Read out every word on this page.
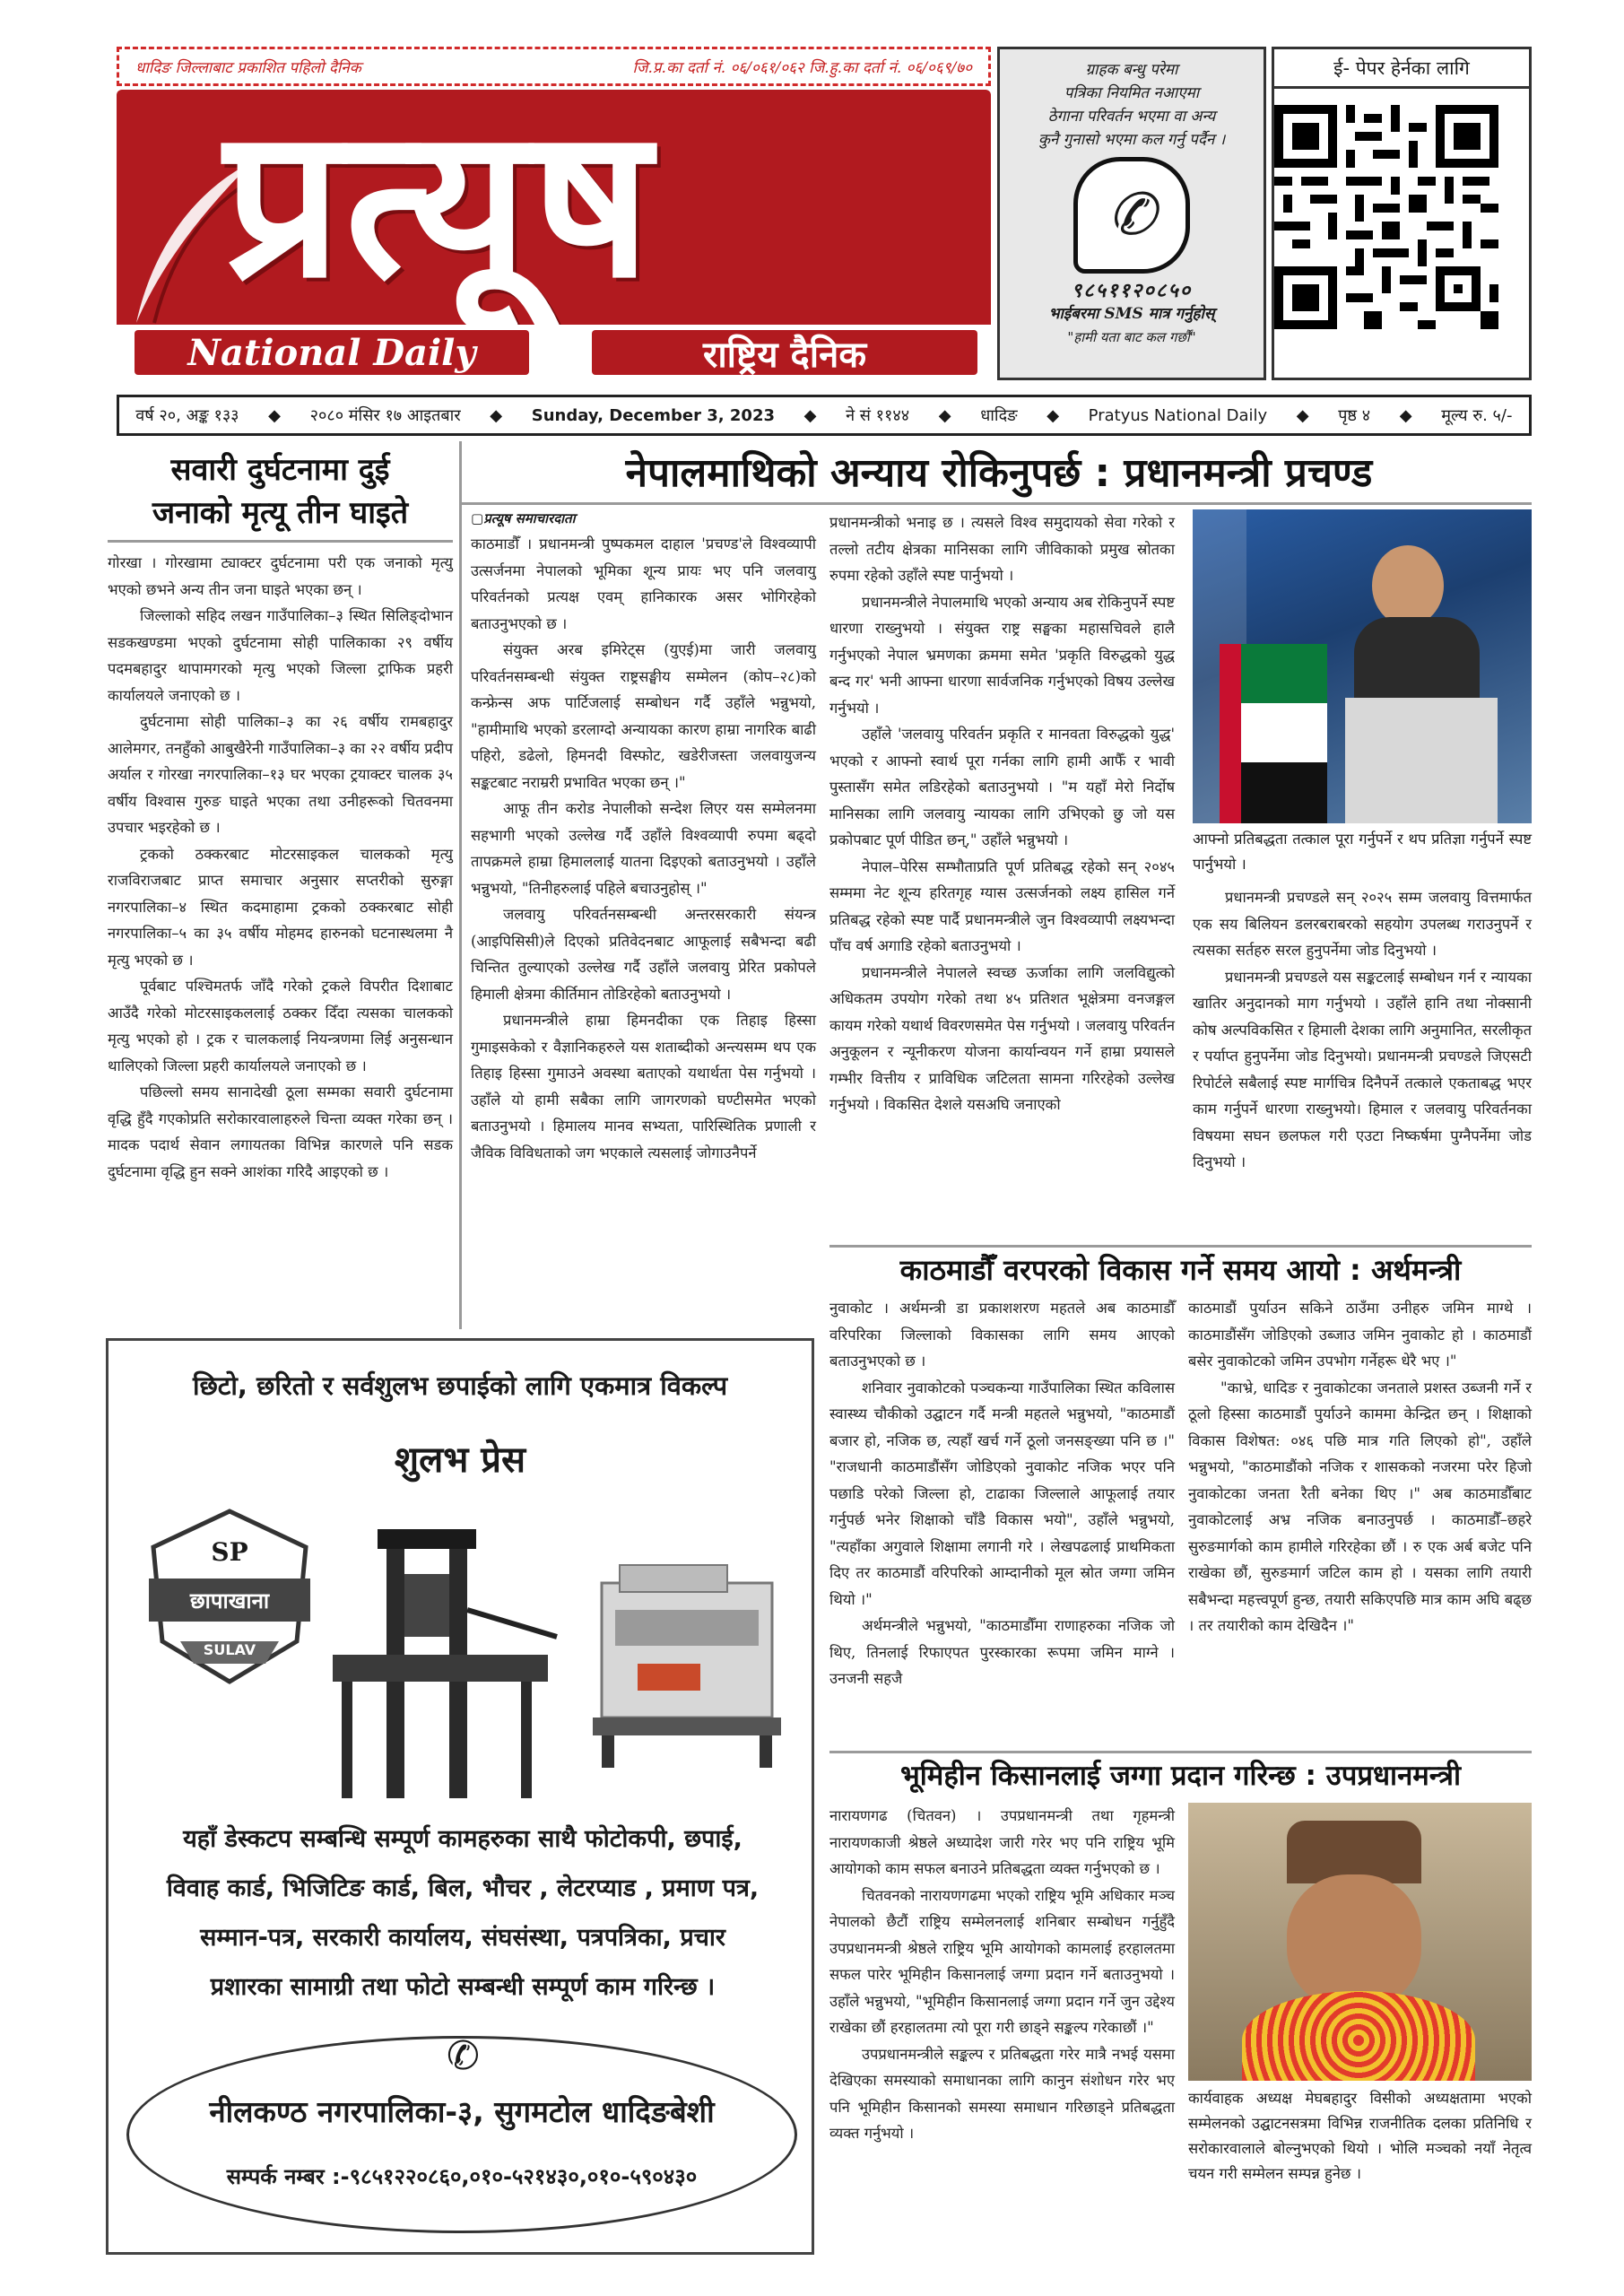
धादिङ जिल्लाबाट प्रकाशित पहिलो दैनिक	जि.प्र.का दर्ता नं. ०६/०६१/०६२ जि.हु.का दर्ता नं. ०६/०६९/७०
प्रत्यूष
National Daily	राष्ट्रिय दैनिक
ग्राहक बन्धु परेमा
पत्रिका नियमित नआएमा
ठेगाना परिवर्तन भएमा वा अन्य
कुनै गुनासो भएमा कल गर्नु पर्दैन ।
✆
९८५११२०८५०
भाईबरमा SMS मात्र गर्नुहोस्
"हामी यता बाट कल गर्छौं"
ई- पेपर हेर्नका लागि
वर्ष २०, अङ्क १३३ ◆ २०८० मंसिर १७ आइतबार ◆ Sunday, December 3, 2023 ◆ ने सं ११४४ ◆ धादिङ ◆ Pratyus National Daily ◆ पृष्ठ ४ ◆ मूल्य रु. ५/-
सवारी दुर्घटनामा दुई
जनाको मृत्यू तीन घाइते

गोरखा । गोरखामा ट्याक्टर दुर्घटनामा परी एक जनाको मृत्यु भएको छभने अन्य तीन जना घाइते भएका छन् ।

जिल्लाको सहिद लखन गाउँपालिका–३ स्थित सिलिङ्दोभान सडकखण्डमा भएको दुर्घटनामा सोही पालिकाका २९ वर्षीय पदमबहादुर थापामगरको मृत्यु भएको जिल्ला ट्राफिक प्रहरी कार्यालयले जनाएको छ ।

दुर्घटनामा सोही पालिका–३ का २६ वर्षीय रामबहादुर आलेमगर, तनहुँको आबुखैरेनी गाउँपालिका–३ का २२ वर्षीय प्रदीप अर्याल र गोरखा नगरपालिका–१३ घर भएका ट्रयाक्टर चालक ३५ वर्षीय विश्वास गुरुङ घाइते भएका तथा उनीहरूको चितवनमा उपचार भइरहेको छ ।

ट्रकको ठक्करबाट मोटरसाइकल चालकको मृत्यु राजविराजबाट प्राप्त समाचार अनुसार सप्तरीको सुरुङ्गा नगरपालिका–४ स्थित कदमाहामा ट्रकको ठक्करबाट सोही नगरपालिका–५ का ३५ वर्षीय मोहमद हारुनको घटनास्थलमा नै मृत्यु भएको छ ।

पूर्वबाट पश्चिमतर्फ जाँदै गरेको ट्रकले विपरीत दिशाबाट आउँदै गरेको मोटरसाइकललाई ठक्कर दिँदा त्यसका चालकको मृत्यु भएको हो । ट्रक र चालकलाई नियन्त्रणमा लिई अनुसन्धान थालिएको जिल्ला प्रहरी कार्यालयले जनाएको छ ।

पछिल्लो समय सानादेखी ठूला सम्मका सवारी दुर्घटनामा वृद्धि हुँदै गएकोप्रति सरोकारवालाहरुले चिन्ता व्यक्त गरेका छन् । मादक पदार्थ सेवान लगायतका विभिन्न कारणले पनि सडक दुर्घटनामा वृद्धि हुन सक्ने आशंका गरिदै आइएको छ ।

नेपालमाथिको अन्याय रोकिनुपर्छ : प्रधानमन्त्री प्रचण्ड
▢ प्रत्यूष समाचारदाता

काठमाडौँ । प्रधानमन्त्री पुष्पकमल दाहाल 'प्रचण्ड'ले विश्वव्यापी उत्सर्जनमा नेपालको भूमिका शून्य प्रायः भए पनि जलवायु परिवर्तनको प्रत्यक्ष एवम् हानिकारक असर भोगिरहेको बताउनुभएको छ ।

संयुक्त अरब इमिरेट्स (युएई)मा जारी जलवायु परिवर्तनसम्बन्धी संयुक्त राष्ट्रसङ्घीय सम्मेलन (कोप–२८)को कन्फ्रेन्स अफ पार्टिजलाई सम्बोधन गर्दै उहाँले भन्नुभयो, "हामीमाथि भएको डरलाग्दो अन्यायका कारण हाम्रा नागरिक बाढी पहिरो, डढेलो, हिमनदी विस्फोट, खडेरीजस्ता जलवायुजन्य सङ्कटबाट नराम्ररी प्रभावित भएका छन् ।"

आफू तीन करोड नेपालीको सन्देश लिएर यस सम्मेलनमा सहभागी भएको उल्लेख गर्दै उहाँले विश्वव्यापी रुपमा बढ्दो तापक्रमले हाम्रा हिमाललाई यातना दिइएको बताउनुभयो । उहाँले भन्नुभयो, "तिनीहरुलाई पहिले बचाउनुहोस् ।"

जलवायु परिवर्तनसम्बन्धी अन्तरसरकारी संयन्त्र (आइपिसिसी)ले दिएको प्रतिवेदनबाट आफूलाई सबैभन्दा बढी चिन्तित तुल्याएको उल्लेख गर्दै उहाँले जलवायु प्रेरित प्रकोपले हिमाली क्षेत्रमा कीर्तिमान तोडिरहेको बताउनुभयो ।

प्रधानमन्त्रीले हाम्रा हिमनदीका एक तिहाइ हिस्सा गुमाइसकेको र वैज्ञानिकहरुले यस शताब्दीको अन्त्यसम्म थप एक तिहाइ हिस्सा गुमाउने अवस्था बताएको यथार्थता पेस गर्नुभयो । उहाँले यो हामी सबैका लागि जागरणको घण्टीसमेत भएको बताउनुभयो । हिमालय मानव सभ्यता, पारिस्थितिक प्रणाली र जैविक विविधताको जग भएकाले त्यसलाई जोगाउनैपर्ने

प्रधानमन्त्रीको भनाइ छ । त्यसले विश्व समुदायको सेवा गरेको र तल्लो तटीय क्षेत्रका मानिसका लागि जीविकाको प्रमुख स्रोतका रुपमा रहेको उहाँले स्पष्ट पार्नुभयो ।

प्रधानमन्त्रीले नेपालमाथि भएको अन्याय अब रोकिनुपर्ने स्पष्ट धारणा राख्नुभयो । संयुक्त राष्ट्र सङ्घका महासचिवले हालै गर्नुभएको नेपाल भ्रमणका क्रममा समेत 'प्रकृति विरुद्धको युद्ध बन्द गर' भनी आफ्ना धारणा सार्वजनिक गर्नुभएको विषय उल्लेख गर्नुभयो ।

उहाँले 'जलवायु परिवर्तन प्रकृति र मानवता विरुद्धको युद्ध' भएको र आफ्नो स्वार्थ पूरा गर्नका लागि हामी आफैँ र भावी पुस्तासँग समेत लडिरहेको बताउनुभयो । "म यहाँ मेरो निर्दोष मानिसका लागि जलवायु न्यायका लागि उभिएको छु जो यस प्रकोपबाट पूर्ण पीडित छन्," उहाँले भन्नुभयो ।

नेपाल–पेरिस सम्भौताप्रति पूर्ण प्रतिबद्ध रहेको सन् २०४५ सम्ममा नेट शून्य हरितगृह ग्यास उत्सर्जनको लक्ष्य हासिल गर्ने प्रतिबद्ध रहेको स्पष्ट पार्दै प्रधानमन्त्रीले जुन विश्वव्यापी लक्ष्यभन्दा पाँच वर्ष अगाडि रहेको बताउनुभयो ।

प्रधानमन्त्रीले नेपालले स्वच्छ ऊर्जाका लागि जलविद्युत्को अधिकतम उपयोग गरेको तथा ४५ प्रतिशत भूक्षेत्रमा वनजङ्गल कायम गरेको यथार्थ विवरणसमेत पेस गर्नुभयो । जलवायु परिवर्तन अनुकूलन र न्यूनीकरण योजना कार्यान्वयन गर्ने हाम्रा प्रयासले गम्भीर वित्तीय र प्राविधिक जटिलता सामना गरिरहेको उल्लेख गर्नुभयो । विकसित देशले यसअघि जनाएको

आफ्नो प्रतिबद्धता तत्काल पूरा गर्नुपर्ने र थप प्रतिज्ञा गर्नुपर्ने स्पष्ट पार्नुभयो ।

प्रधानमन्त्री प्रचण्डले सन् २०२५ सम्म जलवायु वित्तमार्फत एक सय बिलियन डलरबराबरको सहयोग उपलब्ध गराउनुपर्ने र त्यसका सर्तहरु सरल हुनुपर्नेमा जोड दिनुभयो ।

प्रधानमन्त्री प्रचण्डले यस सङ्कटलाई सम्बोधन गर्न र न्यायका खातिर अनुदानको माग गर्नुभयो । उहाँले हानि तथा नोक्सानी कोष अल्पविकसित र हिमाली देशका लागि अनुमानित, सरलीकृत र पर्याप्त हुनुपर्नेमा जोड दिनुभयो। प्रधानमन्त्री प्रचण्डले जिएसटी रिपोर्टले सबैलाई स्पष्ट मार्गचित्र दिनैपर्ने तत्काले एकताबद्ध भएर काम गर्नुपर्ने धारणा राख्नुभयो। हिमाल र जलवायु परिवर्तनका विषयमा सघन छलफल गरी एउटा निष्कर्षमा पुग्नैपर्नेमा जोड दिनुभयो ।

काठमाडौँ वरपरको विकास गर्ने समय आयो : अर्थमन्त्री

नुवाकोट । अर्थमन्त्री डा प्रकाशशरण महतले अब काठमाडौँ वरिपरिका जिल्लाको विकासका लागि समय आएको बताउनुभएको छ ।

शनिवार नुवाकोटको पञ्चकन्या गाउँपालिका स्थित कविलास स्वास्थ्य चौकीको उद्घाटन गर्दै मन्त्री महतले भन्नुभयो, "काठमाडौं बजार हो, नजिक छ, त्यहाँ खर्च गर्ने ठूलो जनसङ्ख्या पनि छ ।" "राजधानी काठमाडौंसँग जोडिएको नुवाकोट नजिक भएर पनि पछाडि परेको जिल्ला हो, टाढाका जिल्लाले आफूलाई तयार गर्नुपर्छ भनेर शिक्षाको चाँडै विकास भयो", उहाँले भन्नुभयो, "त्यहाँका अगुवाले शिक्षामा लगानी गरे । लेखपढलाई प्राथमिकता दिए तर काठमाडौं वरिपरिको आम्दानीको मूल स्रोत जग्गा जमिन थियो ।"

अर्थमन्त्रीले भन्नुभयो, "काठमाडौँमा राणाहरुका नजिक जो थिए, तिनलाई रिफाएपत पुरस्कारका रूपमा जमिन माग्ने । उनजनी सहजै

काठमाडौं पुर्याउन सकिने ठाउँमा उनीहरु जमिन माग्थे । काठमाडौंसँग जोडिएको उब्जाउ जमिन नुवाकोट हो । काठमाडौं बसेर नुवाकोटको जमिन उपभोग गर्नेहरू धेरै भए ।"

"काभ्रे, धादिङ र नुवाकोटका जनताले प्रशस्त उब्जनी गर्ने र ठूलो हिस्सा काठमाडौं पुर्याउने काममा केन्द्रित छन् । शिक्षाको विकास विशेषत: ०४६ पछि मात्र गति लिएको हो", उहाँले भन्नुभयो, "काठमाडौंको नजिक र शासकको नजरमा परेर हिजो नुवाकोटका जनता रैती बनेका थिए ।" अब काठमाडौँबाट नुवाकोटलाई अभ्र नजिक बनाउनुपर्छ । काठमाडौँ–छहरे सुरुङमार्गको काम हामीले गरिरहेका छौं । रु एक अर्ब बजेट पनि राखेका छौं, सुरुङमार्ग जटिल काम हो । यसका लागि तयारी सबैभन्दा महत्त्वपूर्ण हुन्छ, तयारी सकिएपछि मात्र काम अघि बढ्छ । तर तयारीको काम देखिदैन ।"

भूमिहीन किसानलाई जग्गा प्रदान गरिन्छ : उपप्रधानमन्त्री

नारायणगढ (चितवन) । उपप्रधानमन्त्री तथा गृहमन्त्री नारायणकाजी श्रेष्ठले अध्यादेश जारी गरेर भए पनि राष्ट्रिय भूमि आयोगको काम सफल बनाउने प्रतिबद्धता व्यक्त गर्नुभएको छ ।

चितवनको नारायणगढमा भएको राष्ट्रिय भूमि अधिकार मञ्च नेपालको छैटौं राष्ट्रिय सम्मेलनलाई शनिबार सम्बोधन गर्नुहुँदै उपप्रधानमन्त्री श्रेष्ठले राष्ट्रिय भूमि आयोगको कामलाई हरहालतमा सफल पारेर भूमिहीन किसानलाई जग्गा प्रदान गर्ने बताउनुभयो । उहाँले भन्नुभयो, "भूमिहीन किसानलाई जग्गा प्रदान गर्ने जुन उद्देश्य राखेका छौं हरहालतमा त्यो पूरा गरी छाड्ने सङ्कल्प गरेकाछौं ।"

उपप्रधानमन्त्रीले सङ्कल्प र प्रतिबद्धता गरेर मात्रै नभई यसमा देखिएका समस्याको समाधानका लागि कानुन संशोधन गरेर भए पनि भूमिहीन किसानको समस्या समाधान गरिछाड्ने प्रतिबद्धता व्यक्त गर्नुभयो ।

कार्यवाहक अध्यक्ष मेघबहादुर विसीको अध्यक्षतामा भएको सम्मेलनको उद्घाटनसत्रमा विभिन्न राजनीतिक दलका प्रतिनिधि र सरोकारवालाले बोल्नुभएको थियो । भोलि मञ्चको नयाँ नेतृत्व चयन गरी सम्मेलन सम्पन्न हुनेछ ।
छिटो, छरितो र सर्वशुलभ छपाईको लागि एकमात्र विकल्प
शुलभ प्रेस
SP
छापाखाना
SULAV
यहाँ डेस्कटप सम्बन्धि सम्पूर्ण कामहरुका साथै फोटोकपी, छपाई,
विवाह कार्ड, भिजिटिङ कार्ड, बिल, भौचर , लेटरप्याड , प्रमाण पत्र,
सम्मान-पत्र, सरकारी कार्यालय, संघसंस्था, पत्रपत्रिका, प्रचार
प्रशारका सामाग्री तथा फोटो सम्बन्धी सम्पूर्ण काम गरिन्छ ।
✆
नीलकण्ठ नगरपालिका-३, सुगमटोल धादिङबेशी
सम्पर्क नम्बर :-९८५१२२०८६०,०१०-५२१४३०,०१०-५९०४३०
